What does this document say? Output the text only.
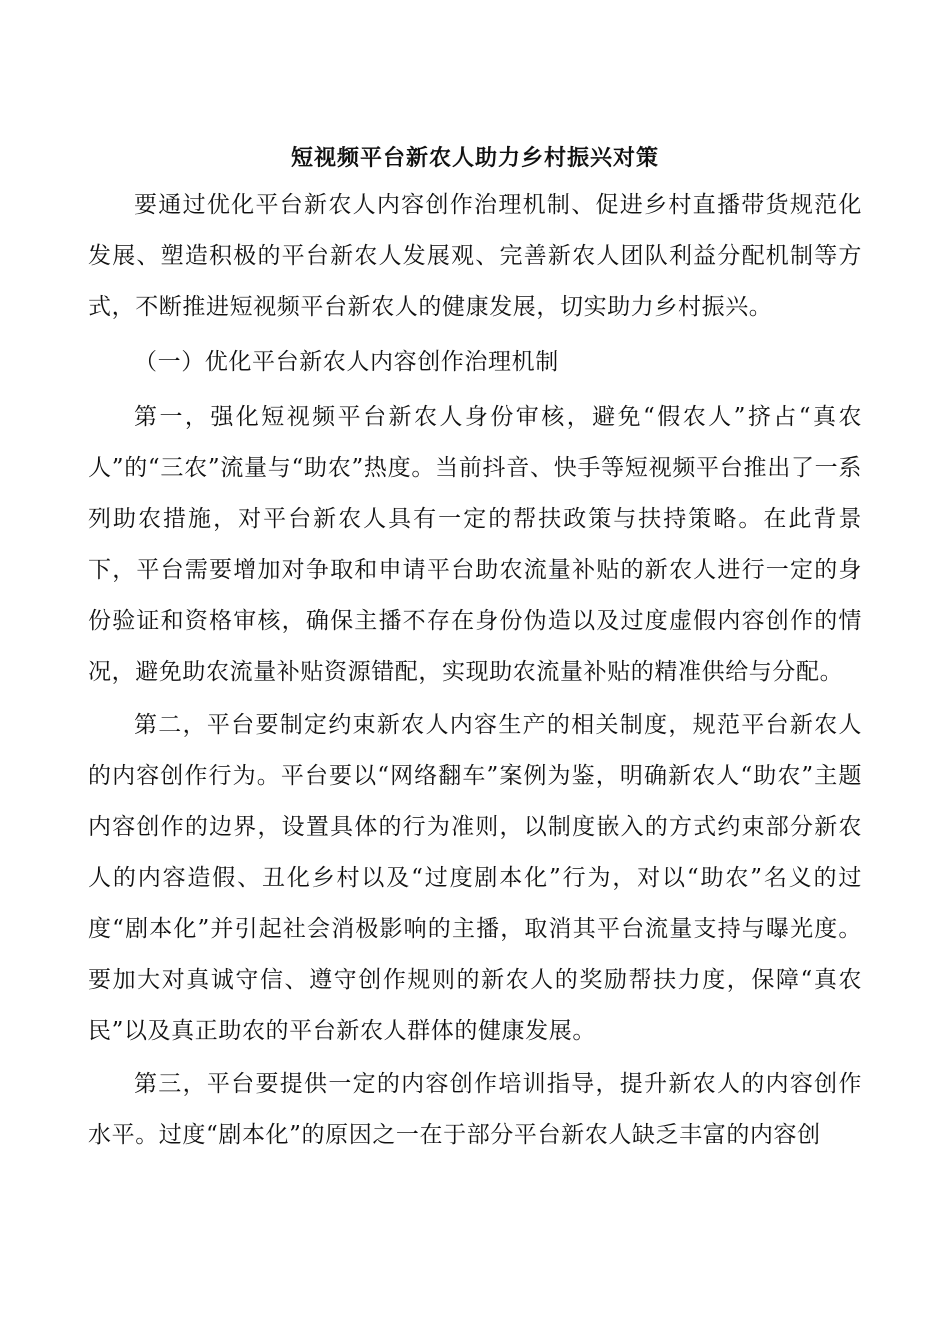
短视频平台新农人助力乡村振兴对策

要通过优化平台新农人内容创作治理机制、促进乡村直播带货规范化发展、塑造积极的平台新农人发展观、完善新农人团队利益分配机制等方式，不断推进短视频平台新农人的健康发展，切实助力乡村振兴。

（一）优化平台新农人内容创作治理机制

第一，强化短视频平台新农人身份审核，避免“假农人”挤占“真农人”的“三农”流量与“助农”热度。当前抖音、快手等短视频平台推出了一系列助农措施，对平台新农人具有一定的帮扶政策与扶持策略。在此背景下，平台需要增加对争取和申请平台助农流量补贴的新农人进行一定的身份验证和资格审核，确保主播不存在身份伪造以及过度虚假内容创作的情况，避免助农流量补贴资源错配，实现助农流量补贴的精准供给与分配。

第二，平台要制定约束新农人内容生产的相关制度，规范平台新农人的内容创作行为。平台要以“网络翻车”案例为鉴，明确新农人“助农”主题内容创作的边界，设置具体的行为准则，以制度嵌入的方式约束部分新农人的内容造假、丑化乡村以及“过度剧本化”行为，对以“助农”名义的过度“剧本化”并引起社会消极影响的主播，取消其平台流量支持与曝光度。要加大对真诚守信、遵守创作规则的新农人的奖励帮扶力度，保障“真农民”以及真正助农的平台新农人群体的健康发展。

第三，平台要提供一定的内容创作培训指导，提升新农人的内容创作水平。过度“剧本化”的原因之一在于部分平台新农人缺乏丰富的内容创
